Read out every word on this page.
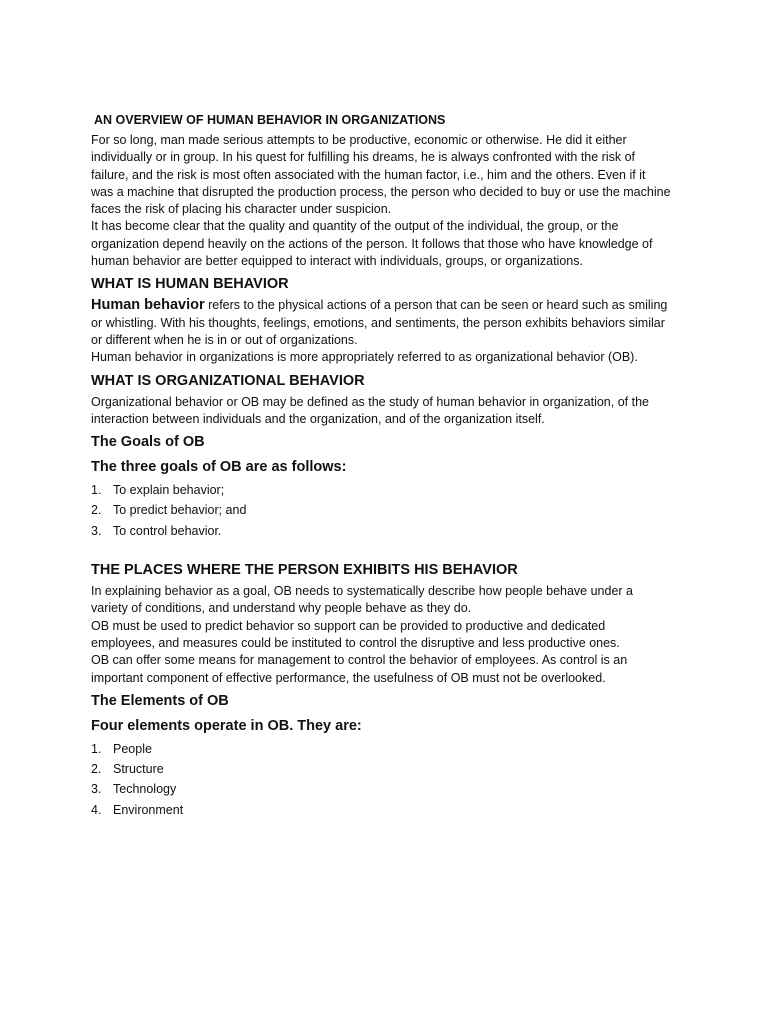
AN OVERVIEW OF HUMAN BEHAVIOR IN ORGANIZATIONS

For so long, man made serious attempts to be productive, economic or otherwise. He did it either individually or in group. In his quest for fulfilling his dreams, he is always confronted with the risk of failure, and the risk is most often associated with the human factor, i.e., him and the others. Even if it was a machine that disrupted the production process, the person who decided to buy or use the machine faces the risk of placing his character under suspicion.

It has become clear that the quality and quantity of the output of the individual, the group, or the organization depend heavily on the actions of the person. It follows that those who have knowledge of human behavior are better equipped to interact with individuals, groups, or organizations.

WHAT IS HUMAN BEHAVIOR

Human behavior refers to the physical actions of a person that can be seen or heard such as smiling or whistling. With his thoughts, feelings, emotions, and sentiments, the person exhibits behaviors similar or different when he is in or out of organizations.

Human behavior in organizations is more appropriately referred to as organizational behavior (OB).

WHAT IS ORGANIZATIONAL BEHAVIOR

Organizational behavior or OB may be defined as the study of human behavior in organization, of the interaction between individuals and the organization, and of the organization itself.

The Goals of OB
The three goals of OB are as follows:
1. To explain behavior;
2. To predict behavior; and
3. To control behavior.
THE PLACES WHERE THE PERSON EXHIBITS HIS BEHAVIOR

In explaining behavior as a goal, OB needs to systematically describe how people behave under a variety of conditions, and understand why people behave as they do.

OB must be used to predict behavior so support can be provided to productive and dedicated employees, and measures could be instituted to control the disruptive and less productive ones.

OB can offer some means for management to control the behavior of employees. As control is an important component of effective performance, the usefulness of OB must not be overlooked.

The Elements of OB
Four elements operate in OB. They are:
1. People
2. Structure
3. Technology
4. Environment
